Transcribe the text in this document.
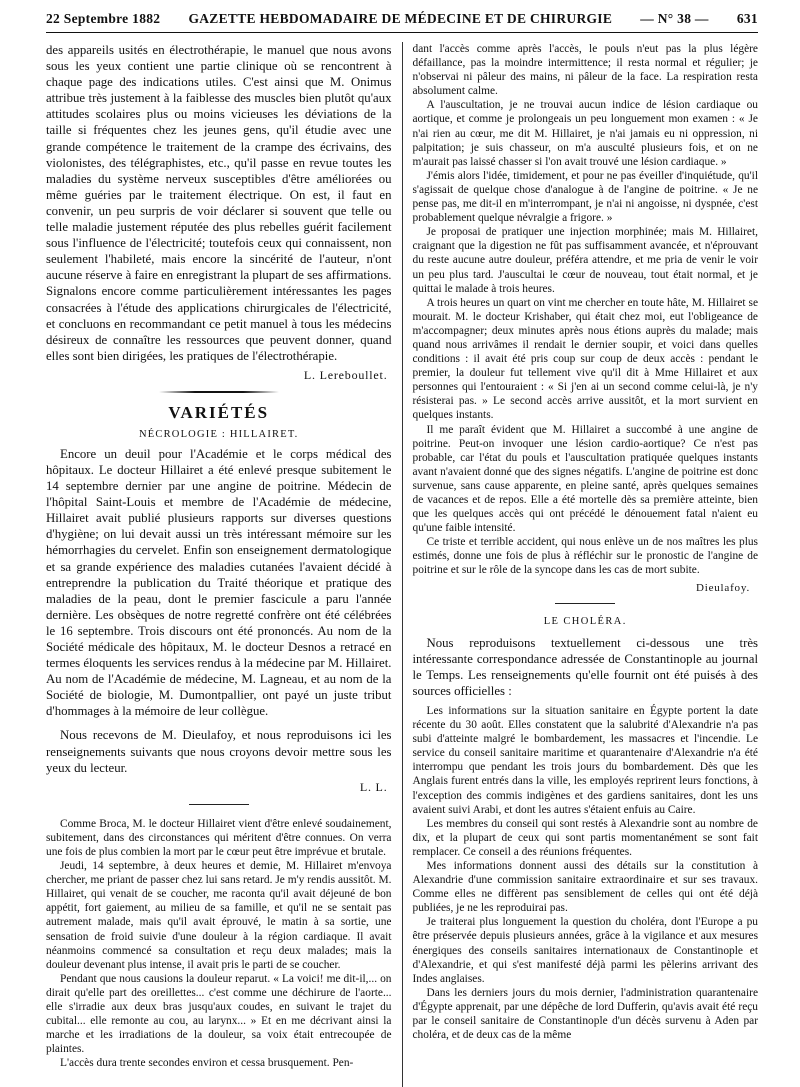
22 Septembre 1882 GAZETTE HEBDOMADAIRE DE MÉDECINE ET DE CHIRURGIE — N° 38 — 631

des appareils usités en électrothérapie, le manuel que nous avons sous les yeux contient une partie clinique où se rencontrent à chaque page des indications utiles. C'est ainsi que M. Onimus attribue très justement à la faiblesse des muscles bien plutôt qu'aux attitudes scolaires plus ou moins vicieuses les déviations de la taille si fréquentes chez les jeunes gens, qu'il étudie avec une grande compétence le traitement de la crampe des écrivains, des violonistes, des télégraphistes, etc., qu'il passe en revue toutes les maladies du système nerveux susceptibles d'être améliorées ou même guéries par le traitement électrique. On est, il faut en convenir, un peu surpris de voir déclarer si souvent que telle ou telle maladie justement réputée des plus rebelles guérit facilement sous l'influence de l'électricité; toutefois ceux qui connaissent, non seulement l'habileté, mais encore la sincérité de l'auteur, n'ont aucune réserve à faire en enregistrant la plupart de ses affirmations. Signalons encore comme particulièrement intéressantes les pages consacrées à l'étude des applications chirurgicales de l'électricité, et concluons en recommandant ce petit manuel à tous les médecins désireux de connaître les ressources que peuvent donner, quand elles sont bien dirigées, les pratiques de l'électrothérapie.

L. Lereboullet.
VARIÉTÉS
NÉCROLOGIE : HILLAIRET.

Encore un deuil pour l'Académie et le corps médical des hôpitaux. Le docteur Hillairet a été enlevé presque subitement le 14 septembre dernier par une angine de poitrine. Médecin de l'hôpital Saint-Louis et membre de l'Académie de médecine, Hillairet avait publié plusieurs rapports sur diverses questions d'hygiène; on lui devait aussi un très intéressant mémoire sur les hémorrhagies du cervelet. Enfin son enseignement dermatologique et sa grande expérience des maladies cutanées l'avaient décidé à entreprendre la publication du Traité théorique et pratique des maladies de la peau, dont le premier fascicule a paru l'année dernière. Les obsèques de notre regretté confrère ont été célébrées le 16 septembre. Trois discours ont été prononcés. Au nom de la Société médicale des hôpitaux, M. le docteur Desnos a retracé en termes éloquents les services rendus à la médecine par M. Hillairet. Au nom de l'Académie de médecine, M. Lagneau, et au nom de la Société de biologie, M. Dumontpallier, ont payé un juste tribut d'hommages à la mémoire de leur collègue.

Nous recevons de M. Dieulafoy, et nous reproduisons ici les renseignements suivants que nous croyons devoir mettre sous les yeux du lecteur.

L. L.

Comme Broca, M. le docteur Hillairet vient d'être enlevé soudainement, subitement, dans des circonstances qui méritent d'être connues. On verra une fois de plus combien la mort par le cœur peut être imprévue et brutale.

Jeudi, 14 septembre, à deux heures et demie, M. Hillairet m'envoya chercher, me priant de passer chez lui sans retard. Je m'y rendis aussitôt. M. Hillairet, qui venait de se coucher, me raconta qu'il avait déjeuné de bon appétit, fort gaiement, au milieu de sa famille, et qu'il ne se sentait pas autrement malade, mais qu'il avait éprouvé, le matin à sa sortie, une sensation de froid suivie d'une douleur à la région cardiaque. Il avait néanmoins commencé sa consultation et reçu deux malades; mais la douleur devenant plus intense, il avait pris le parti de se coucher.

Pendant que nous causions la douleur reparut. « La voici! me dit-il,... on dirait qu'elle part des oreillettes... c'est comme une déchirure de l'aorte... elle s'irradie aux deux bras jusqu'aux coudes, en suivant le trajet du cubital... elle remonte au cou, au larynx... » Et en me décrivant ainsi la marche et les irradiations de la douleur, sa voix était entrecoupée de plaintes.

L'accès dura trente secondes environ et cessa brusquement. Pen-

dant l'accès comme après l'accès, le pouls n'eut pas la plus légère défaillance, pas la moindre intermittence; il resta normal et régulier; je n'observai ni pâleur des mains, ni pâleur de la face. La respiration resta absolument calme.

A l'auscultation, je ne trouvai aucun indice de lésion cardiaque ou aortique, et comme je prolongeais un peu longuement mon examen : « Je n'ai rien au cœur, me dit M. Hillairet, je n'ai jamais eu ni oppression, ni palpitation; je suis chasseur, on m'a ausculté plusieurs fois, et on ne m'aurait pas laissé chasser si l'on avait trouvé une lésion cardiaque. »

J'émis alors l'idée, timidement, et pour ne pas éveiller d'inquiétude, qu'il s'agissait de quelque chose d'analogue à de l'angine de poitrine. « Je ne pense pas, me dit-il en m'interrompant, je n'ai ni angoisse, ni dyspnée, c'est probablement quelque névralgie a frigore. »

Je proposai de pratiquer une injection morphinée; mais M. Hillairet, craignant que la digestion ne fût pas suffisamment avancée, et n'éprouvant du reste aucune autre douleur, préféra attendre, et me pria de venir le voir un peu plus tard. J'auscultai le cœur de nouveau, tout était normal, et je quittai le malade à trois heures.

A trois heures un quart on vint me chercher en toute hâte, M. Hillairet se mourait. M. le docteur Krishaber, qui était chez moi, eut l'obligeance de m'accompagner; deux minutes après nous étions auprès du malade; mais quand nous arrivâmes il rendait le dernier soupir, et voici dans quelles conditions : il avait été pris coup sur coup de deux accès : pendant le premier, la douleur fut tellement vive qu'il dit à Mme Hillairet et aux personnes qui l'entouraient : « Si j'en ai un second comme celui-là, je n'y résisterai pas. » Le second accès arrive aussitôt, et la mort survient en quelques instants.

Il me paraît évident que M. Hillairet a succombé à une angine de poitrine. Peut-on invoquer une lésion cardio-aortique? Ce n'est pas probable, car l'état du pouls et l'auscultation pratiquée quelques instants avant n'avaient donné que des signes négatifs. L'angine de poitrine est donc survenue, sans cause apparente, en pleine santé, après quelques semaines de vacances et de repos. Elle a été mortelle dès sa première atteinte, bien que les quelques accès qui ont précédé le dénouement fatal n'aient eu qu'une faible intensité.

Ce triste et terrible accident, qui nous enlève un de nos maîtres les plus estimés, donne une fois de plus à réfléchir sur le pronostic de l'angine de poitrine et sur le rôle de la syncope dans les cas de mort subite.

Dieulafoy.
LE CHOLÉRA.

Nous reproduisons textuellement ci-dessous une très intéressante correspondance adressée de Constantinople au journal le Temps. Les renseignements qu'elle fournit ont été puisés à des sources officielles :

Les informations sur la situation sanitaire en Égypte portent la date récente du 30 août. Elles constatent que la salubrité d'Alexandrie n'a pas subi d'atteinte malgré le bombardement, les massacres et l'incendie. Le service du conseil sanitaire maritime et quarantenaire d'Alexandrie n'a été interrompu que pendant les trois jours du bombardement. Dès que les Anglais furent entrés dans la ville, les employés reprirent leurs fonctions, à l'exception des commis indigènes et des gardiens sanitaires, dont les uns avaient suivi Arabi, et dont les autres s'étaient enfuis au Caire.

Les membres du conseil qui sont restés à Alexandrie sont au nombre de dix, et la plupart de ceux qui sont partis momentanément se sont fait remplacer. Ce conseil a des réunions fréquentes.

Mes informations donnent aussi des détails sur la constitution à Alexandrie d'une commission sanitaire extraordinaire et sur ses travaux. Comme elles ne diffèrent pas sensiblement de celles qui ont été déjà publiées, je ne les reproduirai pas.

Je traiterai plus longuement la question du choléra, dont l'Europe a pu être préservée depuis plusieurs années, grâce à la vigilance et aux mesures énergiques des conseils sanitaires internationaux de Constantinople et d'Alexandrie, et qui s'est manifesté déjà parmi les pèlerins arrivant des Indes anglaises.

Dans les derniers jours du mois dernier, l'administration quarantenaire d'Égypte apprenait, par une dépêche de lord Dufferin, qu'avis avait été reçu par le conseil sanitaire de Constantinople d'un décès survenu à Aden par choléra, et de deux cas de la même
